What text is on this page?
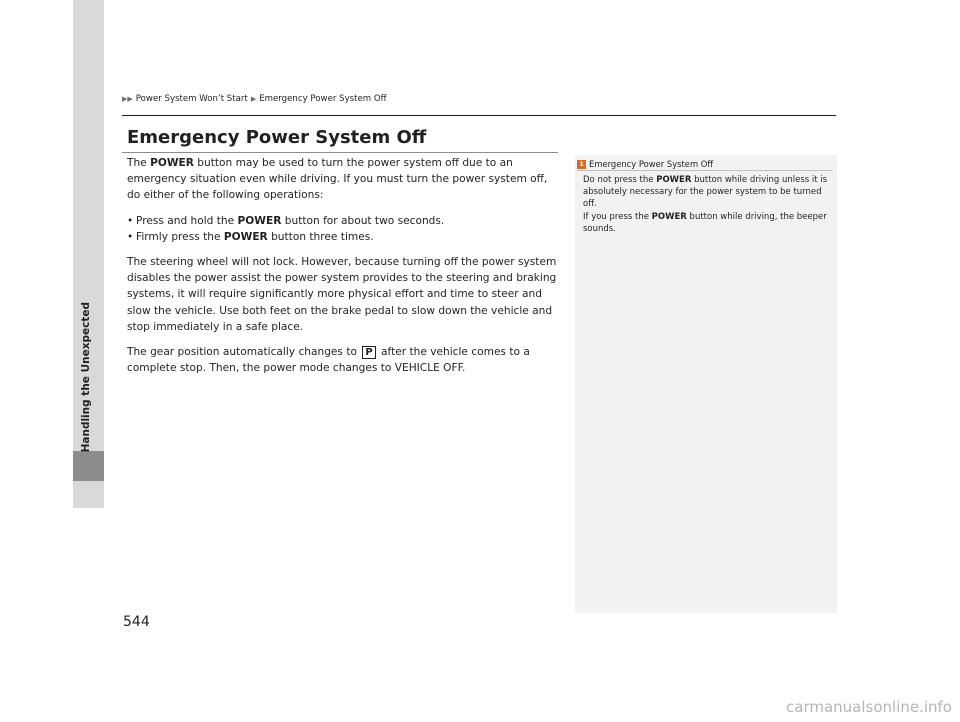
Handling the Unexpected
▶▶ Power System Won’t Start ▶ Emergency Power System Off
Emergency Power System Off

The POWER button may be used to turn the power system off due to an emergency situation even while driving. If you must turn the power system off, do either of the following operations:

• Press and hold the POWER button for about two seconds.
• Firmly press the POWER button three times.

The steering wheel will not lock. However, because turning off the power system disables the power assist the power system provides to the steering and braking systems, it will require significantly more physical effort and time to steer and slow the vehicle. Use both feet on the brake pedal to slow down the vehicle and stop immediately in a safe place.

The gear position automatically changes to P after the vehicle comes to a complete stop. Then, the power mode changes to VEHICLE OFF.

1 Emergency Power System Off

Do not press the POWER button while driving unless it is absolutely necessary for the power system to be turned off.

If you press the POWER button while driving, the beeper sounds.

544
carmanualsonline.info
